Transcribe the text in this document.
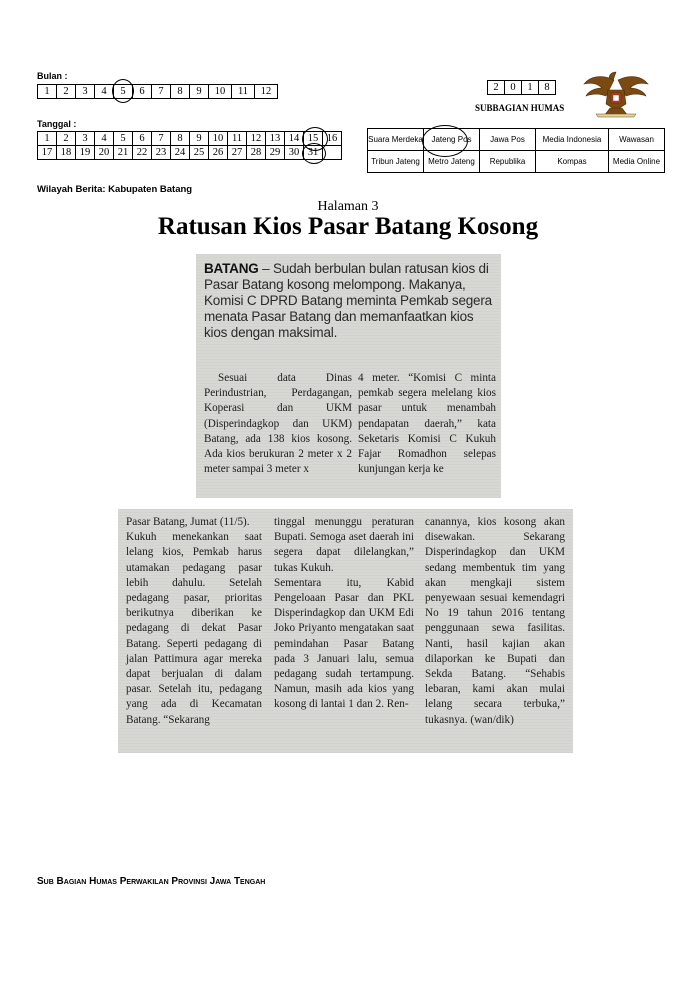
Bulan :
1	2	3	4	5	6	7	8	9	10	11	12
Tanggal :
1	2	3	4	5	6	7	8	9	10	11	12	13	14	15	16
17	18	19	20	21	22	23	24	25	26	27	28	29	30	31	
2	0	1	8
SUBBAGIAN HUMAS
Suara Merdeka	Jateng Pos	Jawa Pos	Media Indonesia	Wawasan
Tribun Jateng	Metro Jateng	Republika	Kompas	Media Online
Wilayah Berita: Kabupaten Batang
Halaman 3
Ratusan Kios Pasar Batang Kosong

BATANG – Sudah berbulan bulan ratusan kios di Pasar Batang kosong melompong. Makanya, Komisi C DPRD Batang meminta Pemkab segera menata Pasar Batang dan memanfaatkan kios kios dengan maksimal.

Sesuai data Dinas Perindustrian, Perdagangan, Koperasi dan UKM (Disperindagkop dan UKM) Batang, ada 138 kios kosong. Ada kios berukuran 2 meter x 2 meter sampai 3 meter x
4 meter. “Komisi C minta pemkab segera melelang kios pasar untuk menambah pendapatan daerah,” kata Seketaris Komisi C Kukuh Fajar Romadhon selepas kunjungan kerja ke
Pasar Batang, Jumat (11/5).
Kukuh menekankan saat lelang kios, Pemkab harus utamakan pedagang pasar lebih dahulu. Setelah pedagang pasar, prioritas berikutnya diberikan ke pedagang di dekat Pasar Batang. Seperti pedagang di jalan Pattimura agar mereka dapat berjualan di dalam pasar. Setelah itu, pedagang yang ada di Kecamatan Batang. “Sekarang
tinggal menunggu peraturan Bupati. Semoga aset daerah ini segera dapat dilelangkan,” tukas Kukuh.
Sementara itu, Kabid Pengeloaan Pasar dan PKL Disperindagkop dan UKM Edi Joko Priyanto mengatakan saat pemindahan Pasar Batang pada 3 Januari lalu, semua pedagang sudah tertampung. Namun, masih ada kios yang kosong di lantai 1 dan 2. Ren-
canannya, kios kosong akan disewakan. Sekarang Disperindagkop dan UKM sedang membentuk tim yang akan mengkaji sistem penyewaan sesuai kemendagri No 19 tahun 2016 tentang penggunaan sewa fasilitas. Nanti, hasil kajian akan dilaporkan ke Bupati dan Sekda Batang. “Sehabis lebaran, kami akan mulai lelang secara terbuka,” tukasnya. (wan/dik)
Sub Bagian Humas Perwakilan Provinsi Jawa Tengah
